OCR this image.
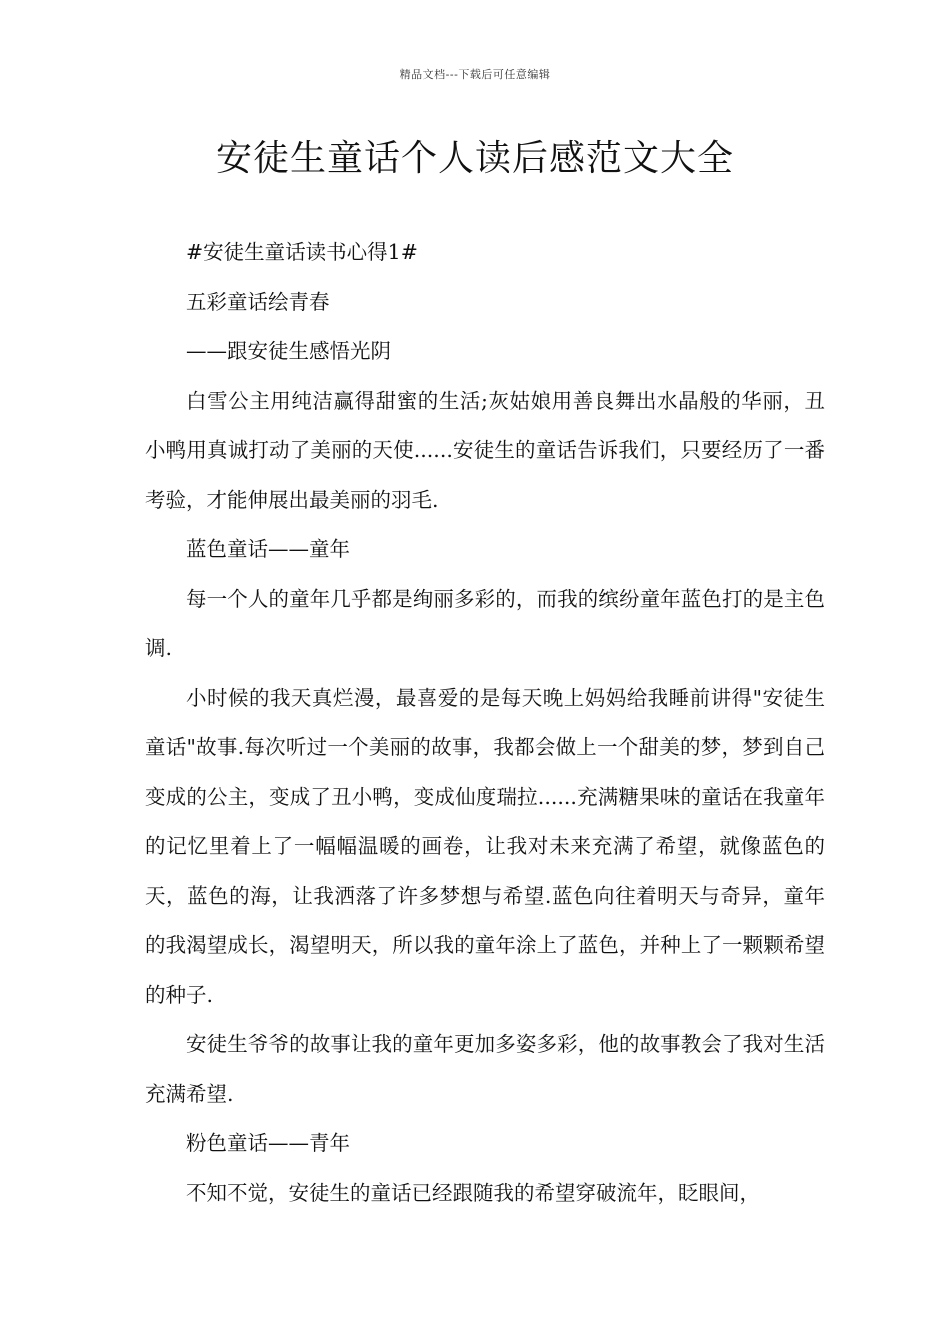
精品文档---下载后可任意编辑
安徒生童话个人读后感范文大全

#安徒生童话读书心得1#

五彩童话绘青春

——跟安徒生感悟光阴

白雪公主用纯洁赢得甜蜜的生活;灰姑娘用善良舞出水晶般的华丽，丑小鸭用真诚打动了美丽的天使......安徒生的童话告诉我们，只要经历了一番考验，才能伸展出最美丽的羽毛.

蓝色童话——童年

每一个人的童年几乎都是绚丽多彩的，而我的缤纷童年蓝色打的是主色调.

小时候的我天真烂漫，最喜爱的是每天晚上妈妈给我睡前讲得"安徒生童话"故事.每次听过一个美丽的故事，我都会做上一个甜美的梦，梦到自己变成的公主，变成了丑小鸭，变成仙度瑞拉......充满糖果味的童话在我童年的记忆里着上了一幅幅温暖的画卷，让我对未来充满了希望，就像蓝色的天，蓝色的海，让我洒落了许多梦想与希望.蓝色向往着明天与奇异，童年的我渴望成长，渴望明天，所以我的童年涂上了蓝色，并种上了一颗颗希望的种子.

安徒生爷爷的故事让我的童年更加多姿多彩，他的故事教会了我对生活充满希望.

粉色童话——青年

不知不觉，安徒生的童话已经跟随我的希望穿破流年，眨眼间，
